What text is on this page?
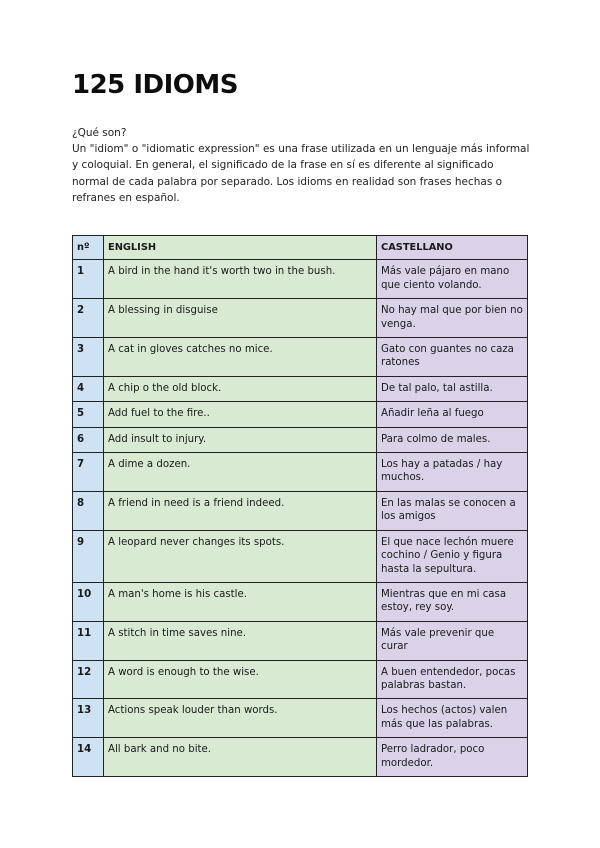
125 IDIOMS

¿Qué son?

Un "idiom" o "idiomatic expression" es una frase utilizada en un lenguaje más informal y coloquial. En general, el significado de la frase en sí es diferente al significado normal de cada palabra por separado. Los idioms en realidad son frases hechas o refranes en español.

nº	ENGLISH	CASTELLANO
1	A bird in the hand it's worth two in the bush.	Más vale pájaro en mano que ciento volando.
2	A blessing in disguise	No hay mal que por bien no venga.
3	A cat in gloves catches no mice.	Gato con guantes no caza ratones
4	A chip o the old block.	De tal palo, tal astilla.
5	Add fuel to the fire..	Añadir leña al fuego
6	Add insult to injury.	Para colmo de males.
7	A dime a dozen.	Los hay a patadas / hay muchos.
8	A friend in need is a friend indeed.	En las malas se conocen a los amigos
9	A leopard never changes its spots.	El que nace lechón muere cochino / Genio y figura hasta la sepultura.
10	A man's home is his castle.	Mientras que en mi casa estoy, rey soy.
11	A stitch in time saves nine.	Más vale prevenir que curar
12	A word is enough to the wise.	A buen entendedor, pocas palabras bastan.
13	Actions speak louder than words.	Los hechos (actos) valen más que las palabras.
14	All bark and no bite.	Perro ladrador, poco mordedor.
